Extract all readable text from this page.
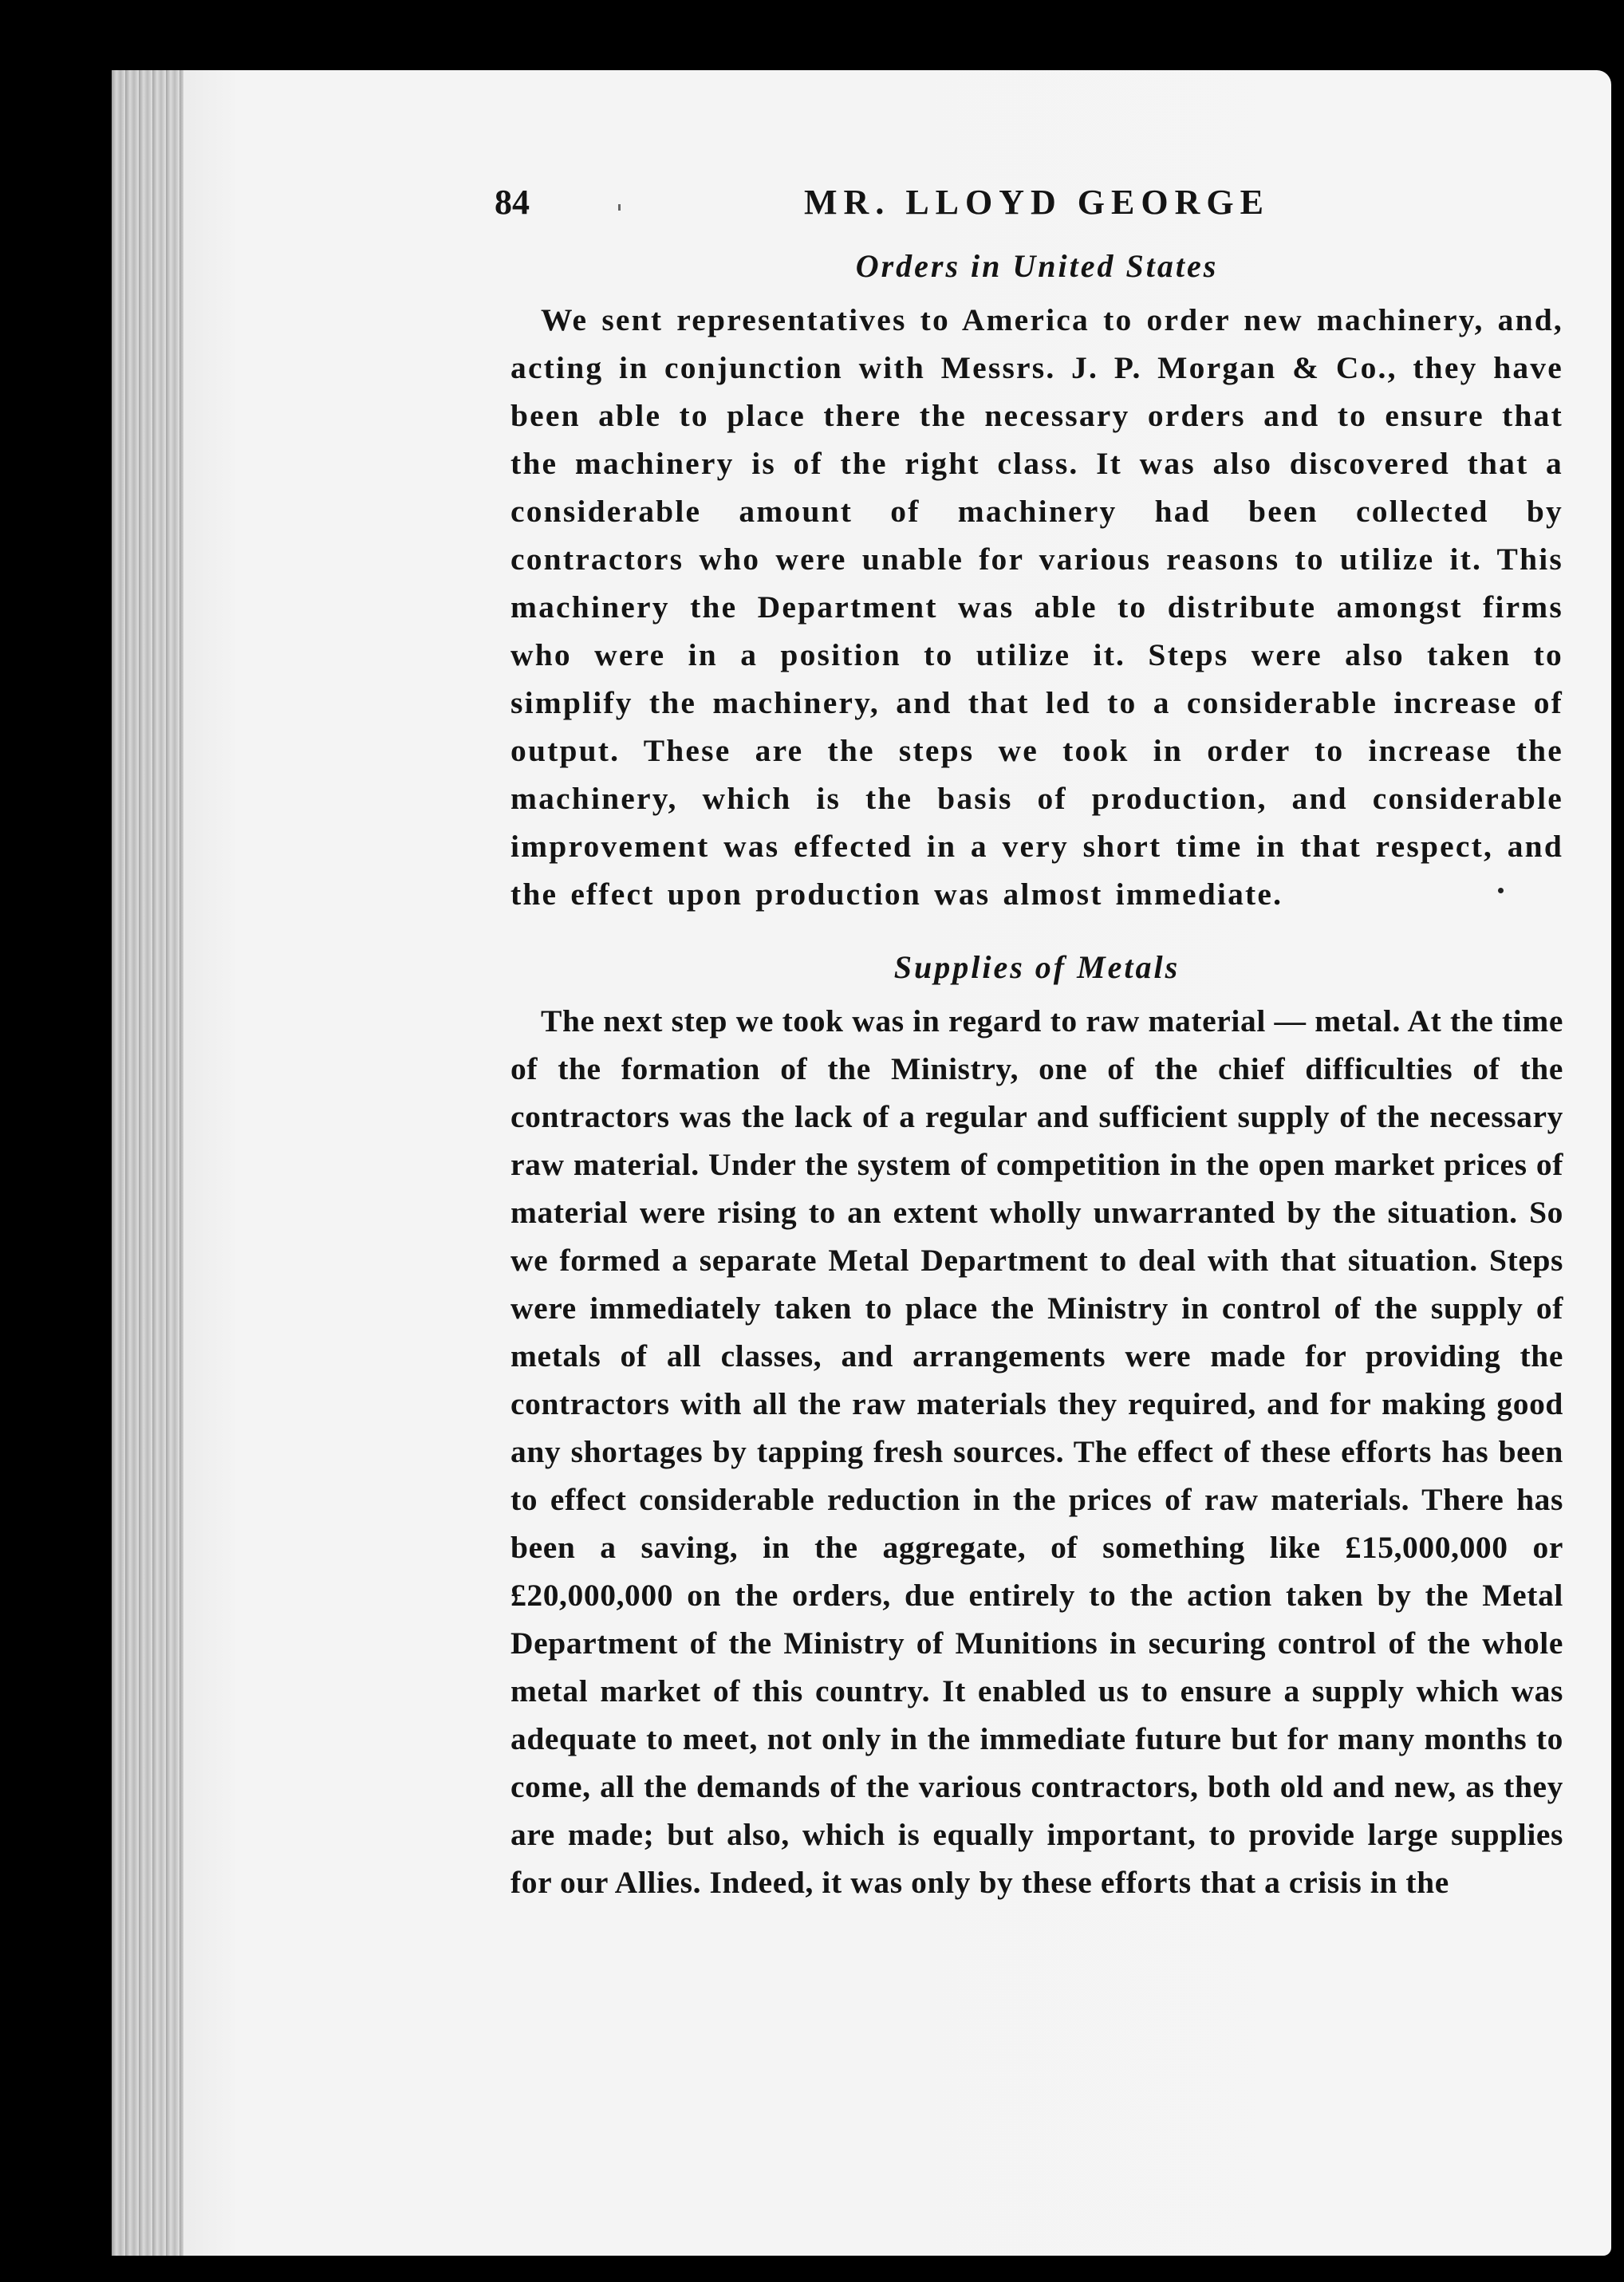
84	MR. LLOYD GEORGE
Orders in United States

We sent representatives to America to order new machinery, and, acting in conjunction with Messrs. J. P. Morgan & Co., they have been able to place there the necessary orders and to ensure that the machinery is of the right class. It was also discovered that a considerable amount of machinery had been collected by contractors who were unable for various reasons to utilize it. This machinery the Department was able to distribute amongst firms who were in a position to utilize it. Steps were also taken to simplify the machinery, and that led to a considerable increase of output. These are the steps we took in order to increase the machinery, which is the basis of production, and considerable improvement was effected in a very short time in that respect, and the effect upon production was almost immediate.

Supplies of Metals

The next step we took was in regard to raw material — metal. At the time of the formation of the Ministry, one of the chief difficulties of the contractors was the lack of a regular and sufficient supply of the necessary raw material. Under the system of competition in the open market prices of material were rising to an extent wholly unwarranted by the situation. So we formed a separate Metal Department to deal with that situation. Steps were immediately taken to place the Ministry in control of the supply of metals of all classes, and arrangements were made for providing the contractors with all the raw materials they required, and for making good any shortages by tapping fresh sources. The effect of these efforts has been to effect considerable reduction in the prices of raw materials. There has been a saving, in the aggregate, of something like £15,000,000 or £20,000,000 on the orders, due entirely to the action taken by the Metal Department of the Ministry of Munitions in securing control of the whole metal market of this country. It enabled us to ensure a supply which was adequate to meet, not only in the immediate future but for many months to come, all the demands of the various contractors, both old and new, as they are made; but also, which is equally important, to provide large supplies for our Allies. Indeed, it was only by these efforts that a crisis in the
